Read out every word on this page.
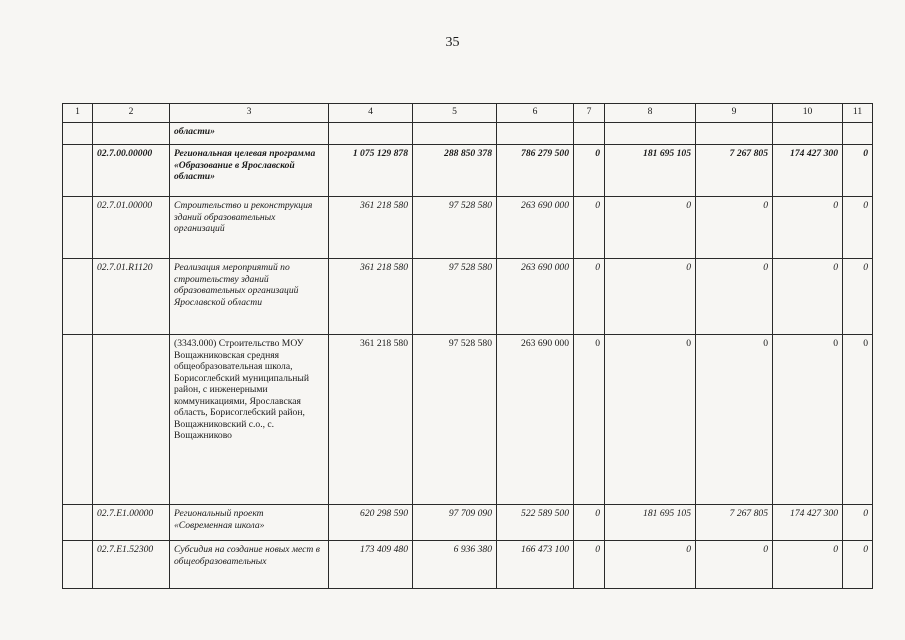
35
1	2	3	4	5	6	7	8	9	10	11
		области»								
	02.7.00.00000	Региональная целевая программа «Образование в Ярославской области»	1 075 129 878	288 850 378	786 279 500	0	181 695 105	7 267 805	174 427 300	0
	02.7.01.00000	Строительство и реконструкция зданий образовательных организаций	361 218 580	97 528 580	263 690 000	0	0	0	0	0
	02.7.01.R1120	Реализация мероприятий по строительству зданий образовательных организаций Ярославской области	361 218 580	97 528 580	263 690 000	0	0	0	0	0
		(3343.000) Строительство МОУ Вощажниковская средняя общеобразовательная школа, Борисоглебский муниципальный район, с инженерными коммуникациями, Ярославская область, Борисоглебский район, Вощажниковский с.о., с. Вощажниково	361 218 580	97 528 580	263 690 000	0	0	0	0	0
	02.7.E1.00000	Региональный проект «Современная школа»	620 298 590	97 709 090	522 589 500	0	181 695 105	7 267 805	174 427 300	0
	02.7.E1.52300	Субсидия на создание новых мест в общеобразовательных	173 409 480	6 936 380	166 473 100	0	0	0	0	0
